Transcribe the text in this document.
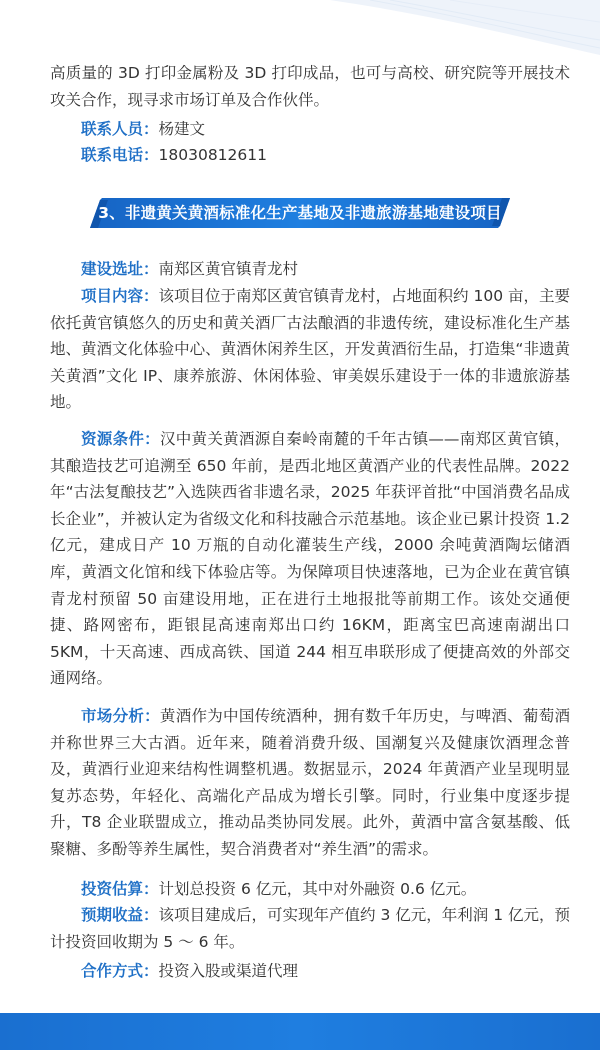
高质量的 3D 打印金属粉及 3D 打印成品，也可与高校、研究院等开展技术攻关合作，现寻求市场订单及合作伙伴。

联系人员：杨建文
联系电话：18030812611
建设选址：南郑区黄官镇青龙村

项目内容：该项目位于南郑区黄官镇青龙村，占地面积约 100 亩，主要依托黄官镇悠久的历史和黄关酒厂古法酿酒的非遗传统，建设标准化生产基地、黄酒文化体验中心、黄酒休闲养生区，开发黄酒衍生品，打造集“非遗黄关黄酒”文化 IP、康养旅游、休闲体验、审美娱乐建设于一体的非遗旅游基地。

资源条件：汉中黄关黄酒源自秦岭南麓的千年古镇——南郑区黄官镇，其酿造技艺可追溯至 650 年前，是西北地区黄酒产业的代表性品牌。2022 年“古法复酿技艺”入选陕西省非遗名录，2025 年获评首批“中国消费名品成长企业”，并被认定为省级文化和科技融合示范基地。该企业已累计投资 1.2 亿元，建成日产 10 万瓶的自动化灌装生产线，2000 余吨黄酒陶坛储酒库，黄酒文化馆和线下体验店等。为保障项目快速落地，已为企业在黄官镇青龙村预留 50 亩建设用地，正在进行土地报批等前期工作。该处交通便捷、路网密布，距银昆高速南郑出口约 16KM，距离宝巴高速南湖出口 5KM，十天高速、西成高铁、国道 244 相互串联形成了便捷高效的外部交通网络。

市场分析：黄酒作为中国传统酒种，拥有数千年历史，与啤酒、葡萄酒并称世界三大古酒。近年来，随着消费升级、国潮复兴及健康饮酒理念普及，黄酒行业迎来结构性调整机遇。数据显示，2024 年黄酒产业呈现明显复苏态势，年轻化、高端化产品成为增长引擎。同时，行业集中度逐步提升，T8 企业联盟成立，推动品类协同发展。此外，黄酒中富含氨基酸、低聚糖、多酚等养生属性，契合消费者对“养生酒”的需求。

投资估算：计划总投资 6 亿元，其中对外融资 0.6 亿元。

预期收益：该项目建成后，可实现年产值约 3 亿元，年利润 1 亿元，预计投资回收期为 5 ～ 6 年。

合作方式：投资入股或渠道代理
3、非遗黄关黄酒标准化生产基地及非遗旅游基地建设项目
